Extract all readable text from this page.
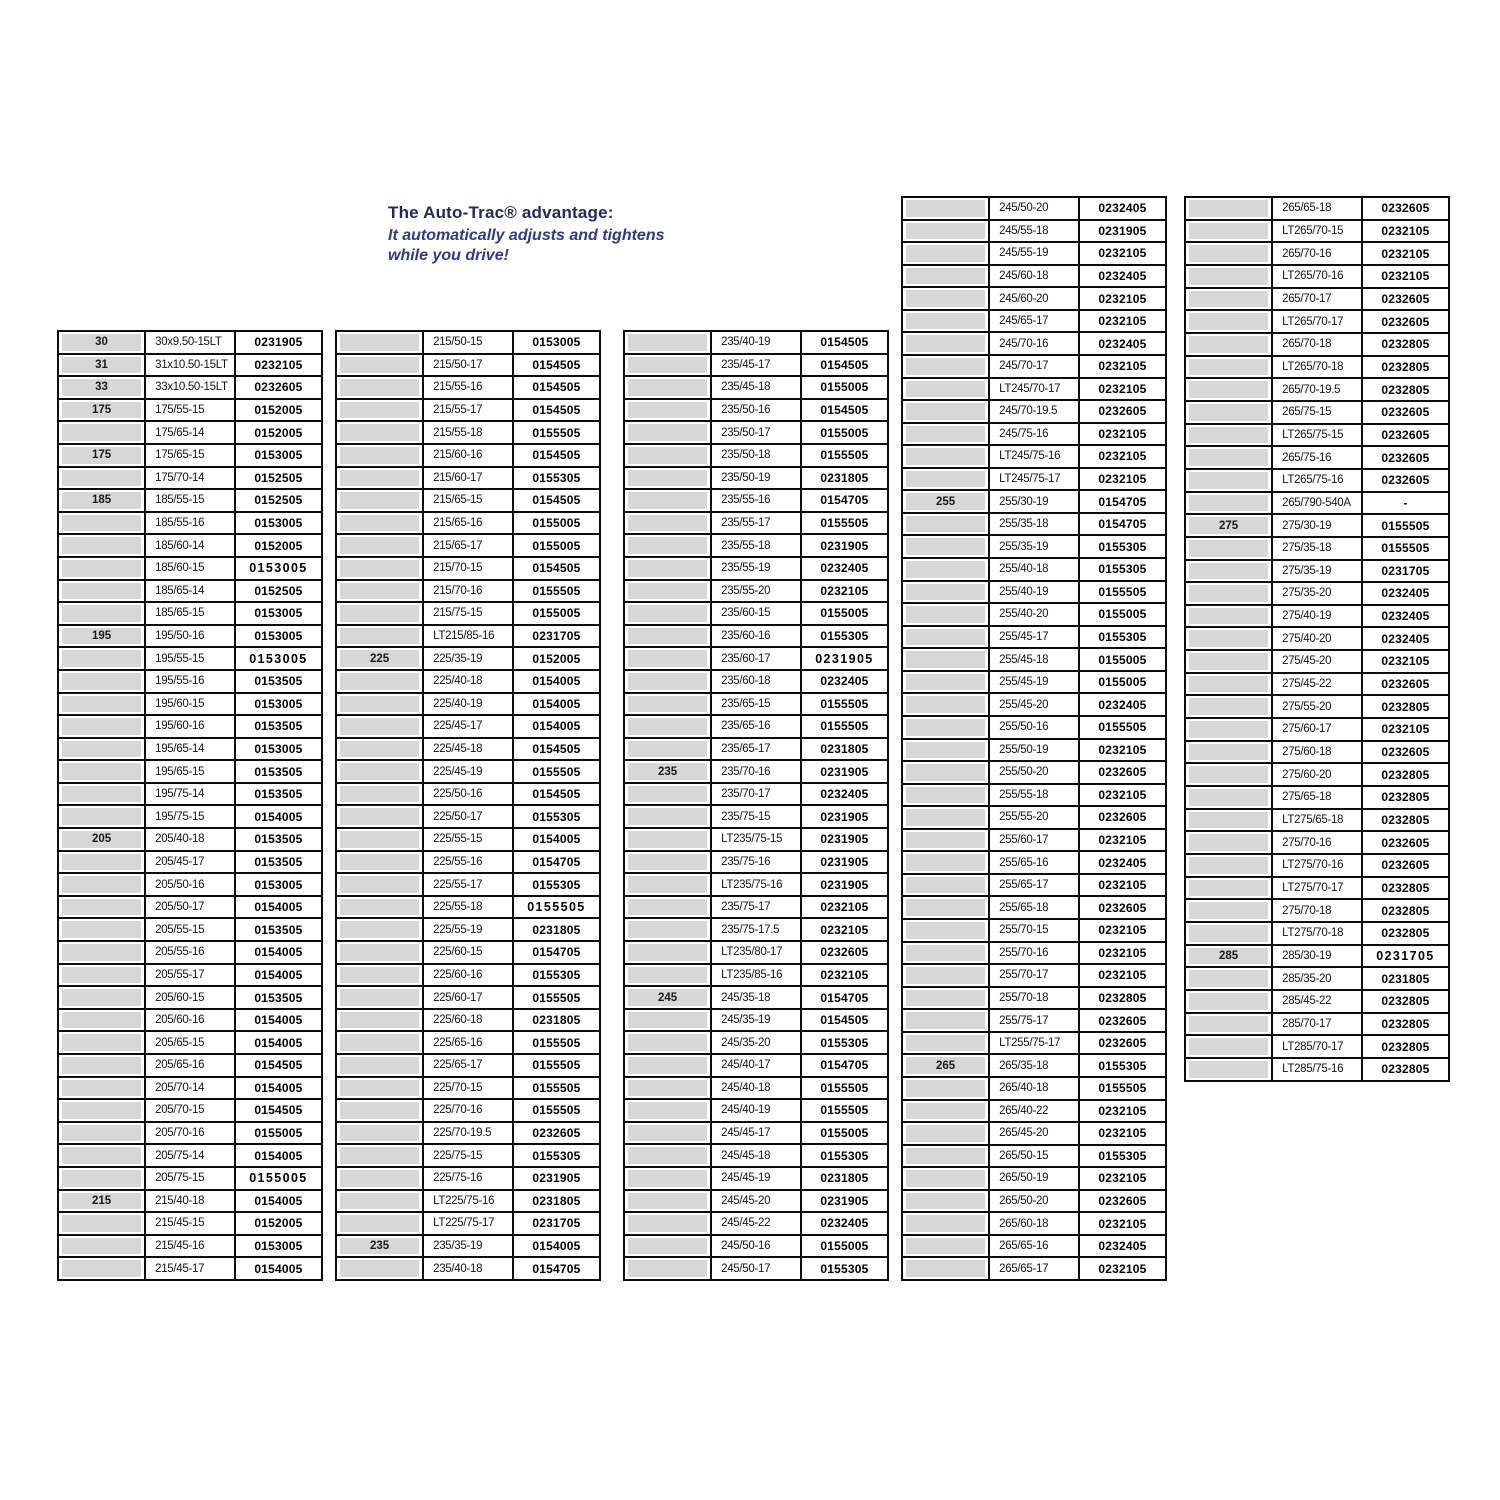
The Auto-Trac® advantage:
It automatically adjusts and tightens
while you drive!
30	30x9.50-15LT	0231905

31	31x10.50-15LT	0232105

33	33x10.50-15LT	0232605

175	175/55-15	0152005

	175/65-14	0152005

175	175/65-15	0153005

	175/70-14	0152505

185	185/55-15	0152505

	185/55-16	0153005

	185/60-14	0152005

	185/60-15	0153005

	185/65-14	0152505

	185/65-15	0153005

195	195/50-16	0153005

	195/55-15	0153005

	195/55-16	0153505

	195/60-15	0153005

	195/60-16	0153505

	195/65-14	0153005

	195/65-15	0153505

	195/75-14	0153505

	195/75-15	0154005

205	205/40-18	0153505

	205/45-17	0153505

	205/50-16	0153005

	205/50-17	0154005

	205/55-15	0153505

	205/55-16	0154005

	205/55-17	0154005

	205/60-15	0153505

	205/60-16	0154005

	205/65-15	0154005

	205/65-16	0154505

	205/70-14	0154005

	205/70-15	0154505

	205/70-16	0155005

	205/75-14	0154005

	205/75-15	0155005

215	215/40-18	0154005

	215/45-15	0152005

	215/45-16	0153005

	215/45-17	0154005
	215/50-15	0153005

	215/50-17	0154505

	215/55-16	0154505

	215/55-17	0154505

	215/55-18	0155505

	215/60-16	0154505

	215/60-17	0155305

	215/65-15	0154505

	215/65-16	0155005

	215/65-17	0155005

	215/70-15	0154505

	215/70-16	0155505

	215/75-15	0155005

	LT215/85-16	0231705

225	225/35-19	0152005

	225/40-18	0154005

	225/40-19	0154005

	225/45-17	0154005

	225/45-18	0154505

	225/45-19	0155505

	225/50-16	0154505

	225/50-17	0155305

	225/55-15	0154005

	225/55-16	0154705

	225/55-17	0155305

	225/55-18	0155505

	225/55-19	0231805

	225/60-15	0154705

	225/60-16	0155305

	225/60-17	0155505

	225/60-18	0231805

	225/65-16	0155505

	225/65-17	0155505

	225/70-15	0155505

	225/70-16	0155505

	225/70-19.5	0232605

	225/75-15	0155305

	225/75-16	0231905

	LT225/75-16	0231805

	LT225/75-17	0231705

235	235/35-19	0154005

	235/40-18	0154705
	235/40-19	0154505

	235/45-17	0154505

	235/45-18	0155005

	235/50-16	0154505

	235/50-17	0155005

	235/50-18	0155505

	235/50-19	0231805

	235/55-16	0154705

	235/55-17	0155505

	235/55-18	0231905

	235/55-19	0232405

	235/55-20	0232105

	235/60-15	0155005

	235/60-16	0155305

	235/60-17	0231905

	235/60-18	0232405

	235/65-15	0155505

	235/65-16	0155505

	235/65-17	0231805

235	235/70-16	0231905

	235/70-17	0232405

	235/75-15	0231905

	LT235/75-15	0231905

	235/75-16	0231905

	LT235/75-16	0231905

	235/75-17	0232105

	235/75-17.5	0232105

	LT235/80-17	0232605

	LT235/85-16	0232105

245	245/35-18	0154705

	245/35-19	0154505

	245/35-20	0155305

	245/40-17	0154705

	245/40-18	0155505

	245/40-19	0155505

	245/45-17	0155005

	245/45-18	0155305

	245/45-19	0231805

	245/45-20	0231905

	245/45-22	0232405

	245/50-16	0155005

	245/50-17	0155305
	245/50-20	0232405

	245/55-18	0231905

	245/55-19	0232105

	245/60-18	0232405

	245/60-20	0232105

	245/65-17	0232105

	245/70-16	0232405

	245/70-17	0232105

	LT245/70-17	0232105

	245/70-19.5	0232605

	245/75-16	0232105

	LT245/75-16	0232105

	LT245/75-17	0232105

255	255/30-19	0154705

	255/35-18	0154705

	255/35-19	0155305

	255/40-18	0155305

	255/40-19	0155505

	255/40-20	0155005

	255/45-17	0155305

	255/45-18	0155005

	255/45-19	0155005

	255/45-20	0232405

	255/50-16	0155505

	255/50-19	0232105

	255/50-20	0232605

	255/55-18	0232105

	255/55-20	0232605

	255/60-17	0232105

	255/65-16	0232405

	255/65-17	0232105

	255/65-18	0232605

	255/70-15	0232105

	255/70-16	0232105

	255/70-17	0232105

	255/70-18	0232805

	255/75-17	0232605

	LT255/75-17	0232605

265	265/35-18	0155305

	265/40-18	0155505

	265/40-22	0232105

	265/45-20	0232105

	265/50-15	0155305

	265/50-19	0232105

	265/50-20	0232605

	265/60-18	0232105

	265/65-16	0232405

	265/65-17	0232105
	265/65-18	0232605

	LT265/70-15	0232105

	265/70-16	0232105

	LT265/70-16	0232105

	265/70-17	0232605

	LT265/70-17	0232605

	265/70-18	0232805

	LT265/70-18	0232805

	265/70-19.5	0232805

	265/75-15	0232605

	LT265/75-15	0232605

	265/75-16	0232605

	LT265/75-16	0232605

	265/790-540A	-

275	275/30-19	0155505

	275/35-18	0155505

	275/35-19	0231705

	275/35-20	0232405

	275/40-19	0232405

	275/40-20	0232405

	275/45-20	0232105

	275/45-22	0232605

	275/55-20	0232805

	275/60-17	0232105

	275/60-18	0232605

	275/60-20	0232805

	275/65-18	0232805

	LT275/65-18	0232805

	275/70-16	0232605

	LT275/70-16	0232605

	LT275/70-17	0232805

	275/70-18	0232805

	LT275/70-18	0232805

285	285/30-19	0231705

	285/35-20	0231805

	285/45-22	0232805

	285/70-17	0232805

	LT285/70-17	0232805

	LT285/75-16	0232805
